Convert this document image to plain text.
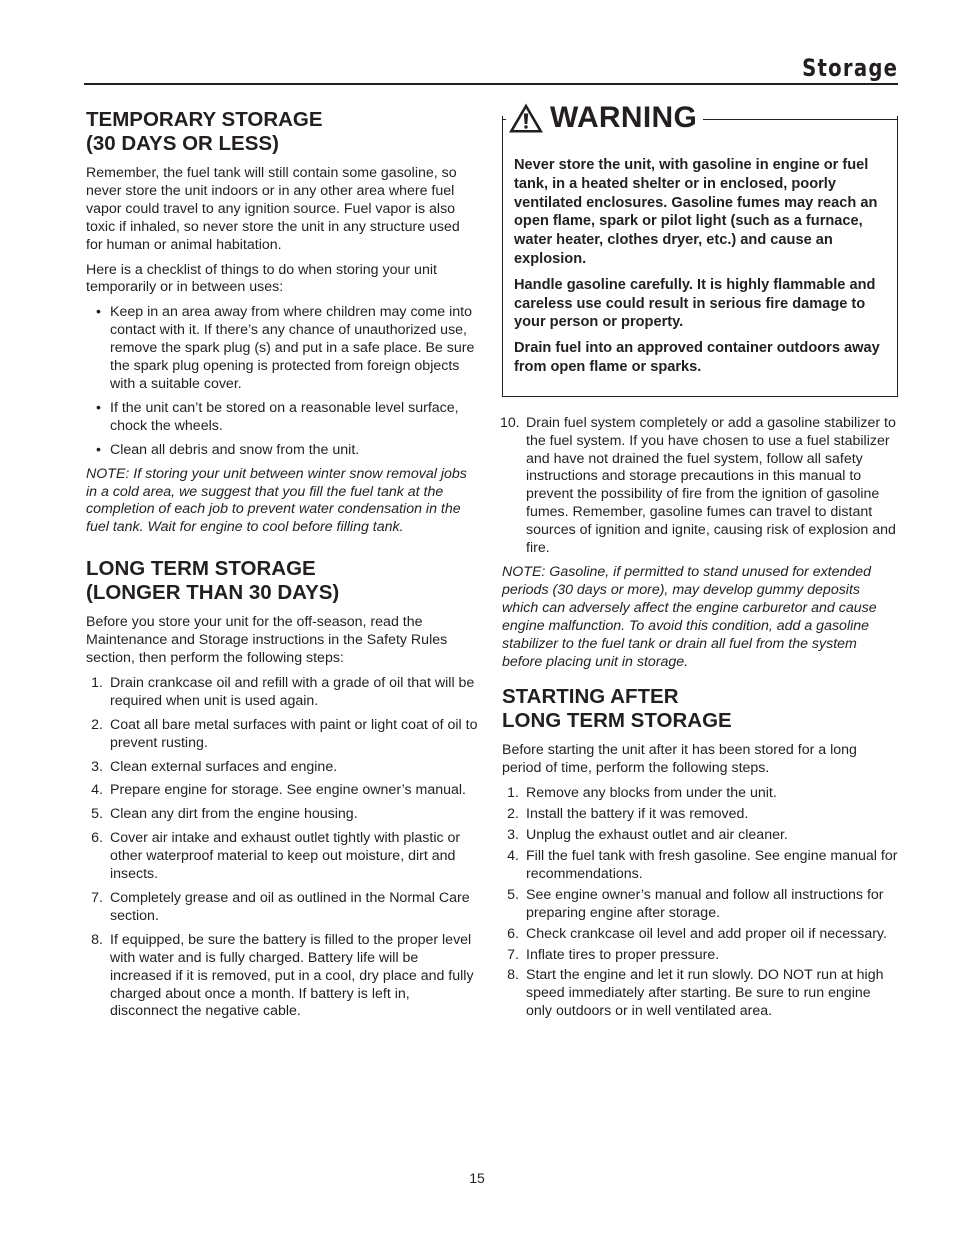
Storage
TEMPORARY STORAGE
(30 DAYS OR LESS)

Remember, the fuel tank will still contain some gasoline, so never store the unit indoors or in any other area where fuel vapor could travel to any ignition source. Fuel vapor is also toxic if inhaled, so never store the unit in any structure used for human or animal habitation.

Here is a checklist of things to do when storing your unit temporarily or in between uses:

• Keep in an area away from where children may come into contact with it. If there’s any chance of unauthorized use, remove the spark plug (s) and put in a safe place. Be sure the spark plug opening is protected from foreign objects with a suitable cover.
• If the unit can’t be stored on a reasonable level surface, chock the wheels.
• Clean all debris and snow from the unit.

NOTE: If storing your unit between winter snow removal jobs in a cold area, we suggest that you fill the fuel tank at the completion of each job to prevent water condensation in the fuel tank. Wait for engine to cool before filling tank.

LONG TERM STORAGE
(LONGER THAN 30 DAYS)

Before you store your unit for the off-season, read the Maintenance and Storage instructions in the Safety Rules section, then perform the following steps:

1. Drain crankcase oil and refill with a grade of oil that will be required when unit is used again.
2. Coat all bare metal surfaces with paint or light coat of oil to prevent rusting.
3. Clean external surfaces and engine.
4. Prepare engine for storage. See engine owner’s manual.
5. Clean any dirt from the engine housing.
6. Cover air intake and exhaust outlet tightly with plastic or other waterproof material to keep out moisture, dirt and insects.
7. Completely grease and oil as outlined in the Normal Care section.
8. If equipped, be sure the battery is filled to the proper level with water and is fully charged. Battery life will be increased if it is removed, put in a cool, dry place and fully charged about once a month. If battery is left in, disconnect the negative cable.
WARNING

Never store the unit, with gasoline in engine or fuel tank, in a heated shelter or in enclosed, poorly ventilated enclosures. Gasoline fumes may reach an open flame, spark or pilot light (such as a furnace, water heater, clothes dryer, etc.) and cause an explosion.

Handle gasoline carefully. It is highly flammable and careless use could result in serious fire damage to your person or property.

Drain fuel into an approved container outdoors away from open flame or sparks.

10. Drain fuel system completely or add a gasoline stabilizer to the fuel system. If you have chosen to use a fuel stabilizer and have not drained the fuel system, follow all safety instructions and storage precautions in this manual to prevent the possibility of fire from the ignition of gasoline fumes. Remember, gasoline fumes can travel to distant sources of ignition and ignite, causing risk of explosion and fire.

NOTE: Gasoline, if permitted to stand unused for extended periods (30 days or more), may develop gummy deposits which can adversely affect the engine carburetor and cause engine malfunction. To avoid this condition, add a gasoline stabilizer to the fuel tank or drain all fuel from the system before placing unit in storage.

STARTING AFTER
LONG TERM STORAGE

Before starting the unit after it has been stored for a long period of time, perform the following steps.

1. Remove any blocks from under the unit.
2. Install the battery if it was removed.
3. Unplug the exhaust outlet and air cleaner.
4. Fill the fuel tank with fresh gasoline. See engine manual for recommendations.
5. See engine owner’s manual and follow all instructions for preparing engine after storage.
6. Check crankcase oil level and add proper oil if necessary.
7. Inflate tires to proper pressure.
8. Start the engine and let it run slowly. DO NOT run at high speed immediately after starting. Be sure to run engine only outdoors or in well ventilated area.
15
